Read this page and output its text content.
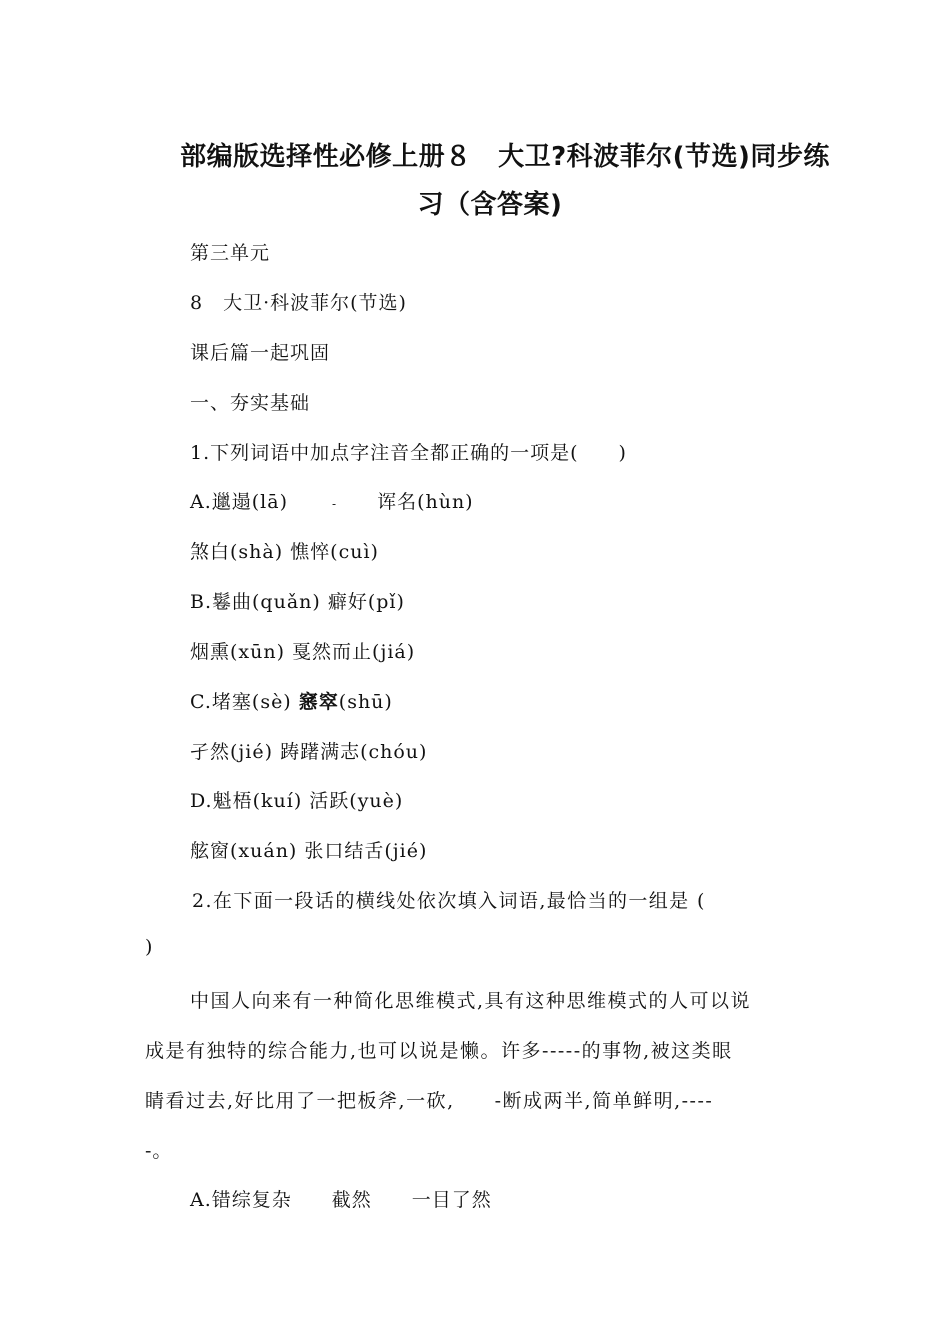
部编版选择性必修上册８　大卫?科波菲尔(节选)同步练
习（含答案)
第三单元
8　大卫·科波菲尔(节选)
课后篇一起巩固
一、夯实基础
1.下列词语中加点字注音全都正确的一项是(　　)
A.邋遢(lā)	- 诨名(hùn)
煞白(shà) 憔悴(cuì)
B.鬈曲(quǎn) 癖好(pǐ)
烟熏(xūn) 戛然而止(jiá)
C.堵塞(sè) 窸窣(shū)
孑然(jié) 踌躇满志(chóu)
D.魁梧(kuí) 活跃(yuè)
舷窗(xuán) 张口结舌(jié)
2.在下面一段话的横线处依次填入词语,最恰当的一组是 (
)
中国人向来有一种简化思维模式,具有这种思维模式的人可以说
成是有独特的综合能力,也可以说是懒。许多-----的事物,被这类眼
睛看过去,好比用了一把板斧,一砍, -断成两半,简单鲜明,----
-。
A.错综复杂 截然 一目了然
